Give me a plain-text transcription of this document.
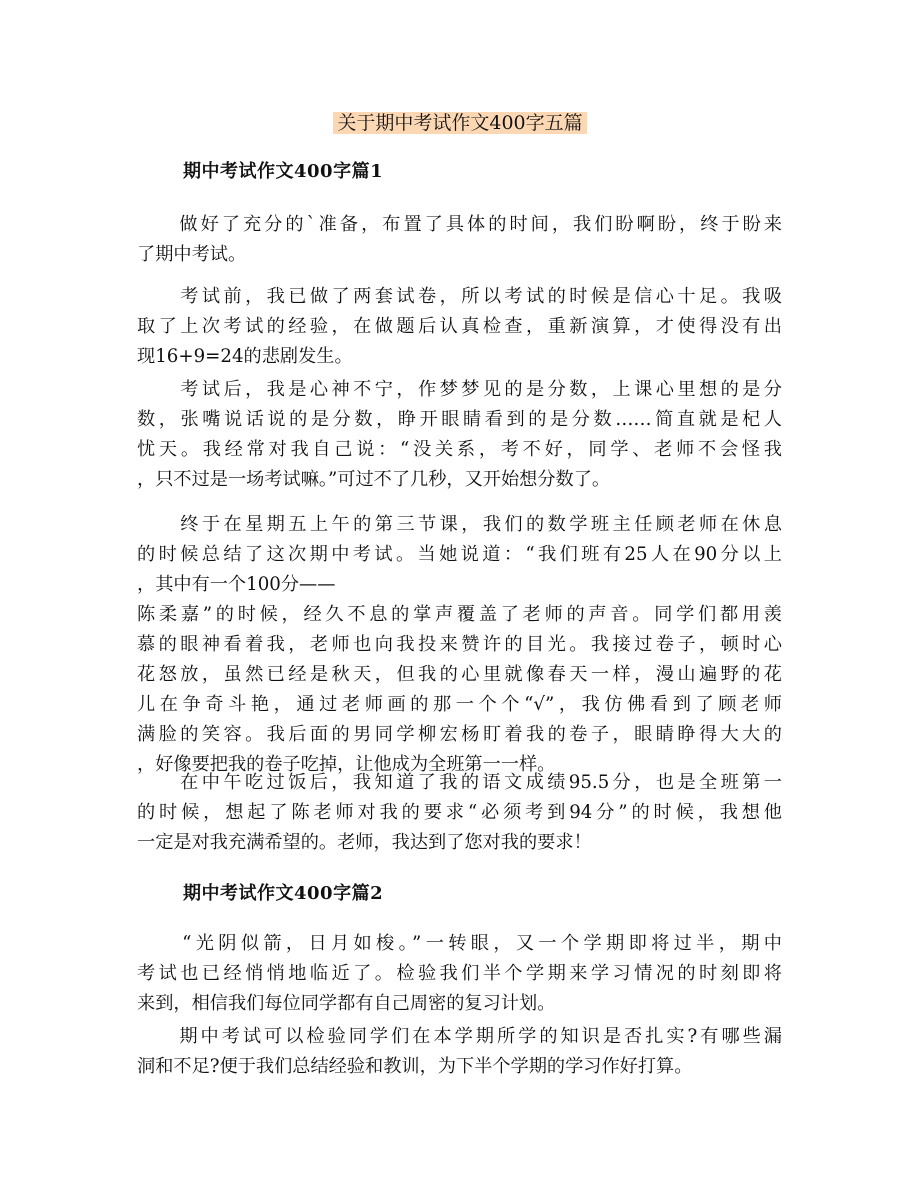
关于期中考试作文400字五篇
期中考试作文400字篇1

　　做好了充分的`准备，布置了具体的时间，我们盼啊盼，终于盼来
了期中考试。

　　考试前，我已做了两套试卷，所以考试的时候是信心十足。我吸
取了上次考试的经验，在做题后认真检查，重新演算，才使得没有出
现16+9=24的悲剧发生。

　　考试后，我是心神不宁，作梦梦见的是分数，上课心里想的是分
数，张嘴说话说的是分数，睁开眼睛看到的是分数……简直就是杞人
忧天。我经常对我自己说：“没关系，考不好，同学、老师不会怪我
，只不过是一场考试嘛。”可过不了几秒，又开始想分数了。

　　终于在星期五上午的第三节课，我们的数学班主任顾老师在休息
的时候总结了这次期中考试。当她说道：“我们班有25人在90分以上
，其中有一个100分——
陈柔嘉”的时候，经久不息的掌声覆盖了老师的声音。同学们都用羡
慕的眼神看着我，老师也向我投来赞许的目光。我接过卷子，顿时心
花怒放，虽然已经是秋天，但我的心里就像春天一样，漫山遍野的花
儿在争奇斗艳，通过老师画的那一个个“√”，我仿佛看到了顾老师
满脸的笑容。我后面的男同学柳宏杨盯着我的卷子，眼睛睁得大大的
，好像要把我的卷子吃掉，让他成为全班第一一样。

　　在中午吃过饭后，我知道了我的语文成绩95.5分，也是全班第一
的时候，想起了陈老师对我的要求“必须考到94分”的时候，我想他
一定是对我充满希望的。老师，我达到了您对我的要求！

期中考试作文400字篇2

　　“光阴似箭，日月如梭。”一转眼，又一个学期即将过半，期中
考试也已经悄悄地临近了。检验我们半个学期来学习情况的时刻即将
来到，相信我们每位同学都有自己周密的复习计划。

　　期中考试可以检验同学们在本学期所学的知识是否扎实?有哪些漏
洞和不足?便于我们总结经验和教训，为下半个学期的学习作好打算。
